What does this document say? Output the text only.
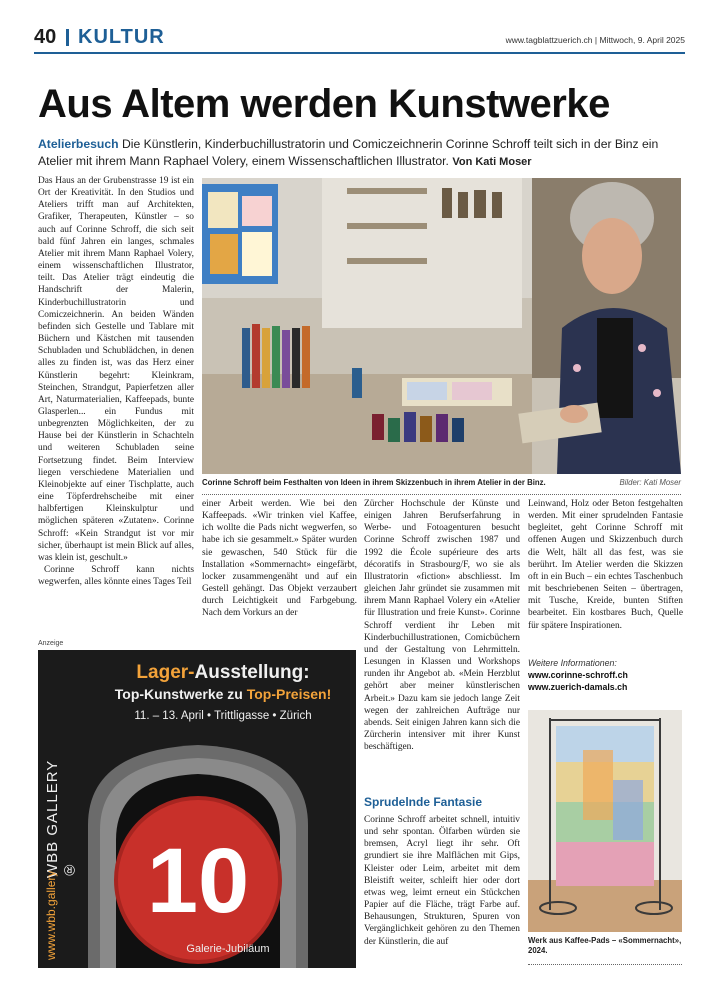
40 KULTUR	www.tagblattzuerich.ch | Mittwoch, 9. April 2025
Aus Altem werden Kunstwerke
Atelierbesuch Die Künstlerin, Kinderbuchillustratorin und Comiczeichnerin Corinne Schroff teilt sich in der Binz ein Atelier mit ihrem Mann Raphael Volery, einem Wissenschaftlichen Illustrator. Von Kati Moser

Das Haus an der Grubenstrasse 19 ist ein Ort der Kreativität. In den Studios und Ateliers trifft man auf Architekten, Grafiker, Therapeuten, Künstler – so auch auf Corinne Schroff, die sich seit bald fünf Jahren ein langes, schmales Atelier mit ihrem Mann Raphael Volery, einem wissenschaftlichen Illustrator, teilt. Das Atelier trägt eindeutig die Handschrift der Malerin, Kinderbuchillustratorin und Comiczeichnerin. An beiden Wänden befinden sich Gestelle und Tablare mit Büchern und Kästchen mit tausenden Schubladen und Schublädchen, in denen alles zu finden ist, was das Herz einer Künstlerin begehrt: Kleinkram, Steinchen, Strandgut, Papierfetzen aller Art, Naturmaterialien, Kaffeepads, bunte Glasperlen... ein Fundus mit unbegrenzten Möglichkeiten, der zu Hause bei der Künstlerin in Schachteln und weiteren Schubladen seine Fortsetzung findet. Beim Interview liegen verschiedene Materialien und Kleinobjekte auf einer Tischplatte, auch eine Töpferdrehscheibe mit einer halbfertigen Kleinskulptur und möglichen späteren «Zutaten». Corinne Schroff: «Kein Strandgut ist vor mir sicher, überhaupt ist mein Blick auf alles, was klein ist, geschult.»

Corinne Schroff kann nichts wegwerfen, alles könnte eines Tages Teil

Corinne Schroff beim Festhalten von Ideen in ihrem Skizzenbuch in ihrem Atelier in der Binz.	Bilder: Kati Moser

einer Arbeit werden. Wie bei den Kaffeepads. «Wir trinken viel Kaffee, ich wollte die Pads nicht wegwerfen, so habe ich sie gesammelt.» Später wurden sie gewaschen, 540 Stück für die Installation «Sommernacht» eingefärbt, locker zusammengenäht und auf ein Gestell gehängt. Das Objekt verzaubert durch Leichtigkeit und Farbgebung. Nach dem Vorkurs an der

Zürcher Hochschule der Künste und einigen Jahren Berufserfahrung in Werbe- und Fotoagenturen besucht Corinne Schroff zwischen 1987 und 1992 die École supérieure des arts décoratifs in Strasbourg/F, wo sie als Illustratorin «fiction» abschliesst. Im gleichen Jahr gründet sie zusammen mit ihrem Mann Raphael Volery ein «Atelier für Illustration und freie Kunst». Corinne Schroff verdient ihr Leben mit Kinderbuchillustrationen, Comicbüchern und der Gestaltung von Lehrmitteln. Lesungen in Klassen und Workshops runden ihr Angebot ab. «Mein Herzblut gehört aber meiner künstlerischen Arbeit.» Dazu kam sie jedoch lange Zeit wegen der zahlreichen Aufträge nur abends. Seit einigen Jahren kann sich die Zürcherin intensiver mit ihrer Kunst beschäftigen.

Sprudelnde Fantasie

Corinne Schroff arbeitet schnell, intuitiv und sehr spontan. Ölfarben würden sie bremsen, Acryl liegt ihr sehr. Oft grundiert sie ihre Malflächen mit Gips, Kleister oder Leim, arbeitet mit dem Bleistift weiter, schleift hier oder dort etwas weg, leimt erneut ein Stückchen Papier auf die Fläche, trägt Farbe auf. Behausungen, Strukturen, Spuren von Vergänglichkeit gehören zu den Themen der Künstlerin, die auf

Leinwand, Holz oder Beton festgehalten werden. Mit einer sprudelnden Fantasie begleitet, geht Corinne Schroff mit offenen Augen und Skizzenbuch durch die Welt, hält all das fest, was sie berührt. Im Atelier werden die Skizzen oft in ein Buch – ein echtes Taschenbuch mit beschriebenen Seiten – übertragen, mit Tusche, Kreide, bunten Stiften bearbeitet. Ein kostbares Buch, Quelle für spätere Inspirationen.

Weitere Informationen:
www.corinne-schroff.ch
www.zuerich-damals.ch
Werk aus Kaffee-Pads – «Sommernacht», 2024.
Anzeige
10
Lager-Ausstellung:
Top-Kunstwerke zu Top-Preisen!
11. – 13. April • Trittligasse • Zürich
WBB GALLERY ®
www.wbb.gallery	Galerie-Jubiläum
